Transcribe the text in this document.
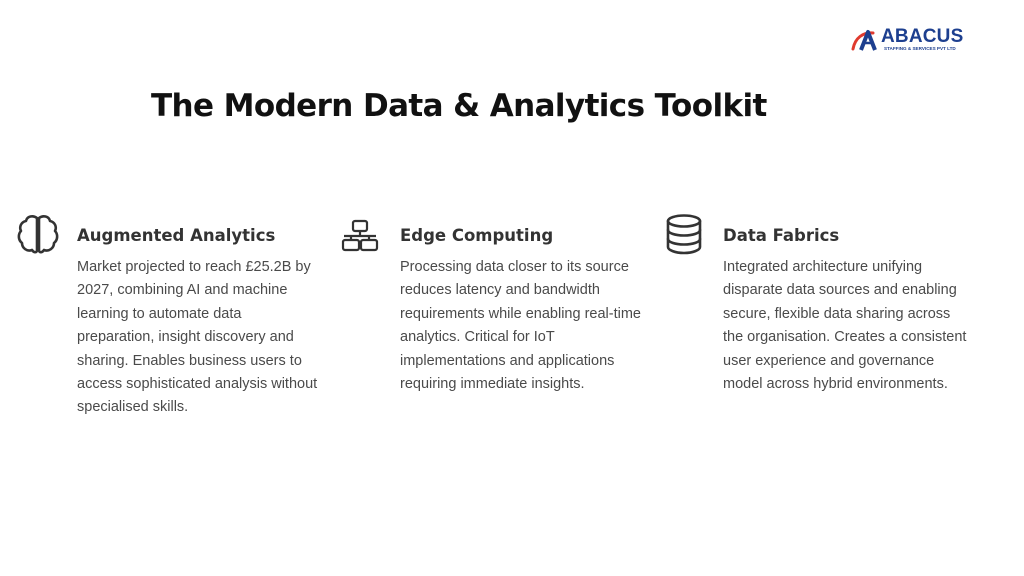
ABACUS
STAFFING & SERVICES PVT LTD
The Modern Data & Analytics Toolkit
Augmented Analytics

Market projected to reach £25.2B by 2027, combining AI and machine learning to automate data preparation, insight discovery and sharing. Enables business users to access sophisticated analysis without specialised skills.

Edge Computing

Processing data closer to its source reduces latency and bandwidth requirements while enabling real-time analytics. Critical for IoT implementations and applications requiring immediate insights.

Data Fabrics

Integrated architecture unifying disparate data sources and enabling secure, flexible data sharing across the organisation. Creates a consistent user experience and governance model across hybrid environments.
